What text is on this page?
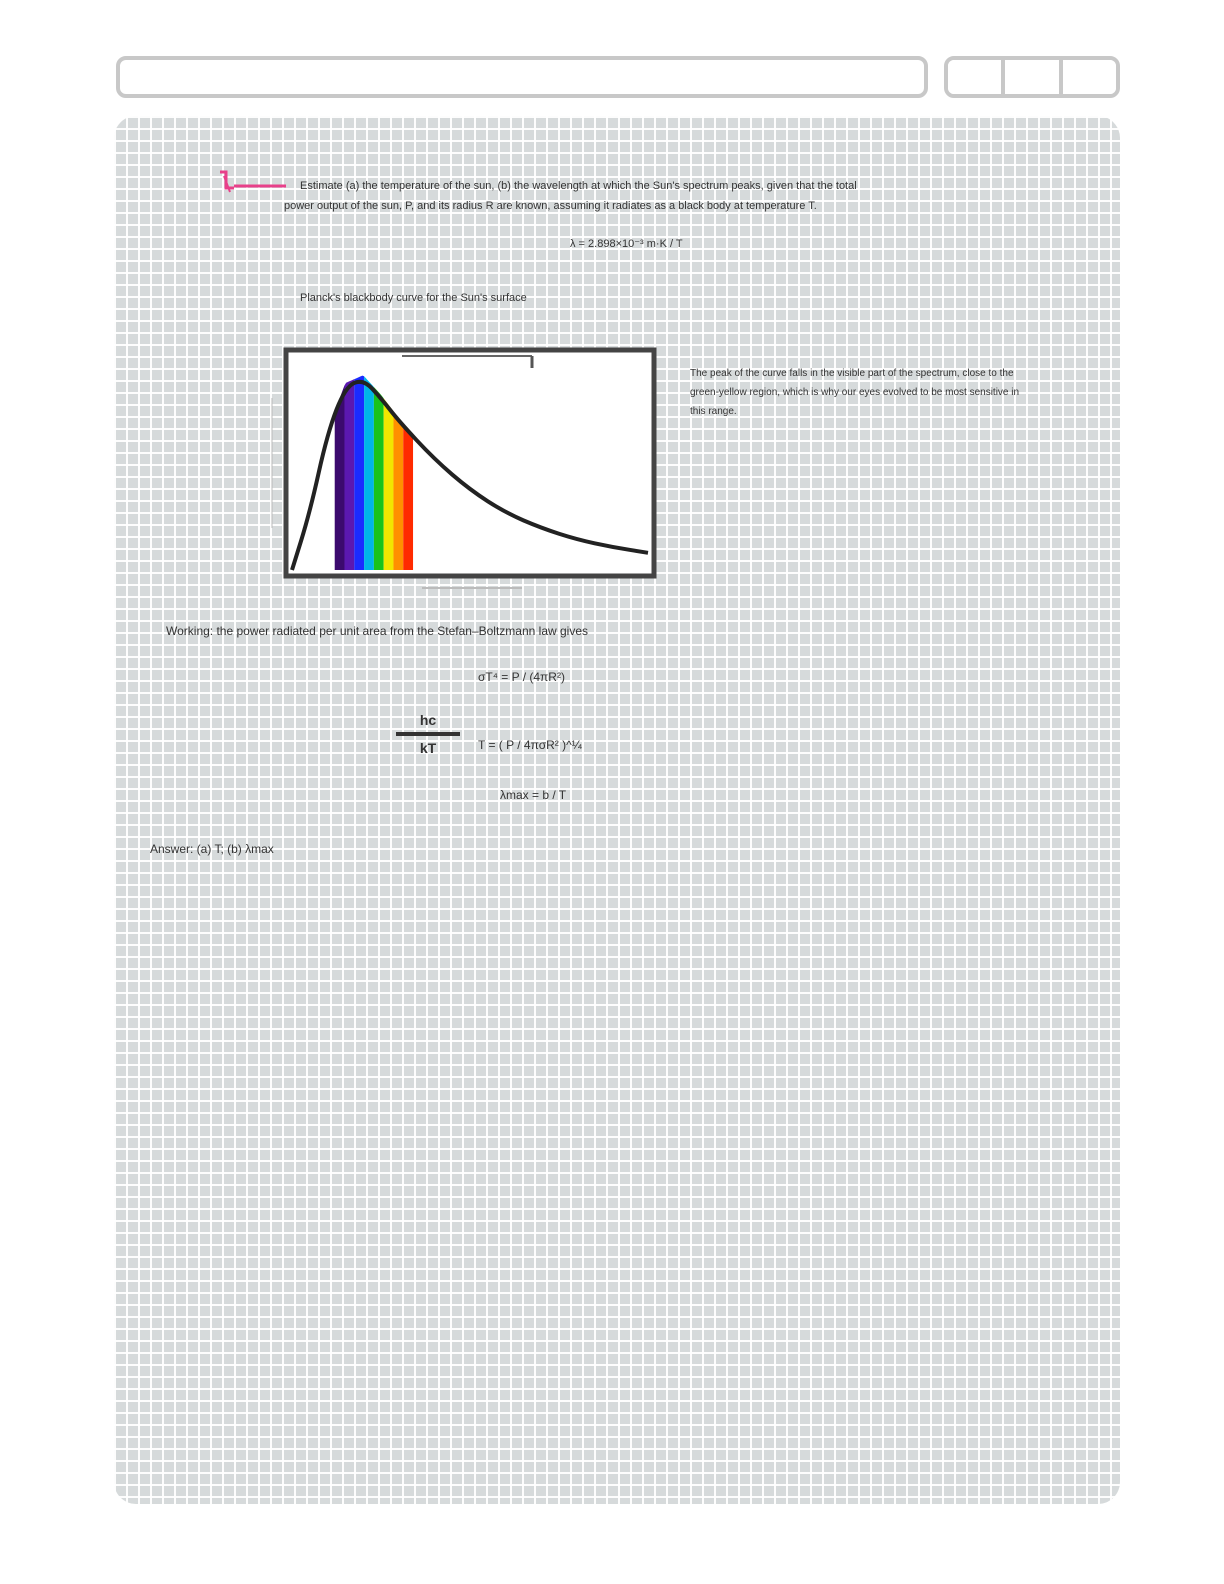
Estimate (a) the temperature of the sun, (b) the wavelength at which the Sun's spectrum peaks, given that the total
power output of the sun, P, and its radius R are known, assuming it radiates as a black body at temperature T.
λ = 2.898×10⁻³ m·K / T
Planck's blackbody curve for the Sun's surface
The peak of the curve falls in the visible part of the spectrum, close to the green-yellow region, which is why our eyes evolved to be most sensitive in this range.
Working: the power radiated per unit area from the Stefan–Boltzmann law gives
σT⁴ = P / (4πR²)
hc
kT	T = ( P / 4πσR² )^¼
λmax = b / T
Answer: (a) T; (b) λmax
